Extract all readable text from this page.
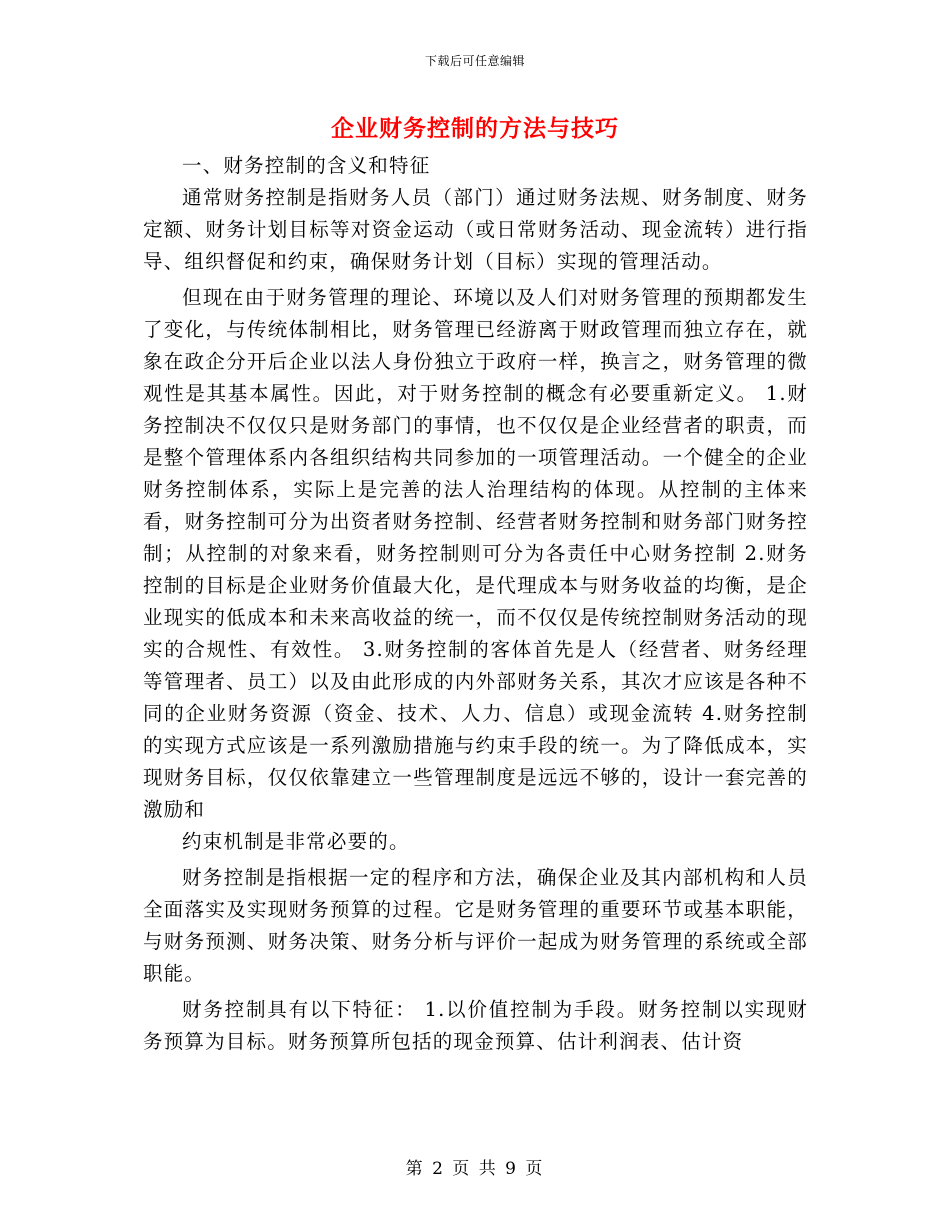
下载后可任意编辑
企业财务控制的方法与技巧

一、财务控制的含义和特征

通常财务控制是指财务人员（部门）通过财务法规、财务制度、财务定额、财务计划目标等对资金运动（或日常财务活动、现金流转）进行指导、组织督促和约束，确保财务计划（目标）实现的管理活动。

但现在由于财务管理的理论、环境以及人们对财务管理的预期都发生了变化，与传统体制相比，财务管理已经游离于财政管理而独立存在，就象在政企分开后企业以法人身份独立于政府一样，换言之，财务管理的微观性是其基本属性。因此，对于财务控制的概念有必要重新定义。 1.财务控制决不仅仅只是财务部门的事情，也不仅仅是企业经营者的职责，而是整个管理体系内各组织结构共同参加的一项管理活动。一个健全的企业财务控制体系，实际上是完善的法人治理结构的体现。从控制的主体来看，财务控制可分为出资者财务控制、经营者财务控制和财务部门财务控制；从控制的对象来看，财务控制则可分为各责任中心财务控制 2.财务控制的目标是企业财务价值最大化，是代理成本与财务收益的均衡，是企业现实的低成本和未来高收益的统一，而不仅仅是传统控制财务活动的现实的合规性、有效性。 3.财务控制的客体首先是人（经营者、财务经理等管理者、员工）以及由此形成的内外部财务关系，其次才应该是各种不同的企业财务资源（资金、技术、人力、信息）或现金流转 4.财务控制的实现方式应该是一系列激励措施与约束手段的统一。为了降低成本，实现财务目标，仅仅依靠建立一些管理制度是远远不够的，设计一套完善的激励和

约束机制是非常必要的。

财务控制是指根据一定的程序和方法，确保企业及其内部机构和人员全面落实及实现财务预算的过程。它是财务管理的重要环节或基本职能，与财务预测、财务决策、财务分析与评价一起成为财务管理的系统或全部职能。

财务控制具有以下特征： 1.以价值控制为手段。财务控制以实现财务预算为目标。财务预算所包括的现金预算、估计利润表、估计资

第 2 页 共 9 页
